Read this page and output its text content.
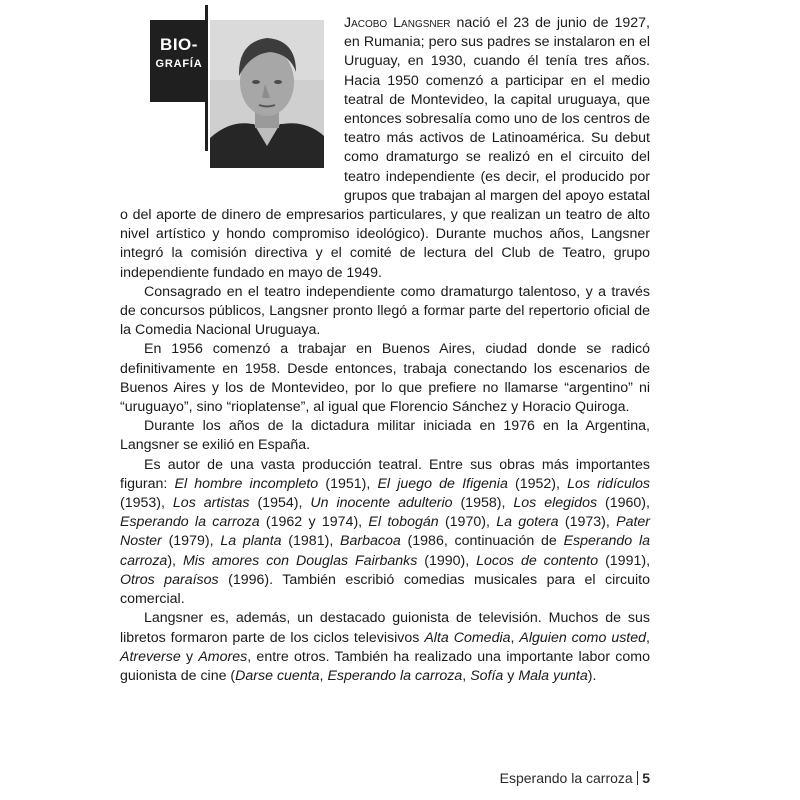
BIO-
GRAFÍA

Jacobo Langsner nació el 23 de junio de 1927, en Rumania; pero sus padres se instalaron en el Uruguay, en 1930, cuando él tenía tres años. Hacia 1950 comenzó a participar en el medio teatral de Montevideo, la capital uruguaya, que entonces sobresalía como uno de los centros de teatro más activos de Latinoamérica. Su debut como dramaturgo se realizó en el circuito del teatro independiente (es decir, el producido por grupos que trabajan al margen del apoyo estatal o del aporte de dinero de empresarios particulares, y que realizan un teatro de alto nivel artístico y hondo compromiso ideológico). Durante muchos años, Langsner integró la comisión directiva y el comité de lectura del Club de Teatro, grupo independiente fundado en mayo de 1949.

Consagrado en el teatro independiente como dramaturgo talentoso, y a través de concursos públicos, Langsner pronto llegó a formar parte del repertorio oficial de la Comedia Nacional Uruguaya.

En 1956 comenzó a trabajar en Buenos Aires, ciudad donde se radicó definitivamente en 1958. Desde entonces, trabaja conectando los escenarios de Buenos Aires y los de Montevideo, por lo que prefiere no llamarse “argentino” ni “uruguayo”, sino “rioplatense”, al igual que Florencio Sánchez y Horacio Quiroga.

Durante los años de la dictadura militar iniciada en 1976 en la Argentina, Langsner se exilió en España.

Es autor de una vasta producción teatral. Entre sus obras más importantes figuran: El hombre incompleto (1951), El juego de Ifigenia (1952), Los ridículos (1953), Los artistas (1954), Un inocente adulterio (1958), Los elegidos (1960), Esperando la carroza (1962 y 1974), El tobogán (1970), La gotera (1973), Pater Noster (1979), La planta (1981), Barbacoa (1986, continuación de Esperando la carroza), Mis amores con Douglas Fairbanks (1990), Locos de contento (1991), Otros paraísos (1996). También escribió comedias musicales para el circuito comercial.

Langsner es, además, un destacado guionista de televisión. Muchos de sus libretos formaron parte de los ciclos televisivos Alta Comedia, Alguien como usted, Atreverse y Amores, entre otros. También ha realizado una importante labor como guionista de cine (Darse cuenta, Esperando la carroza, Sofía y Mala yunta).

Esperando la carroza 5
